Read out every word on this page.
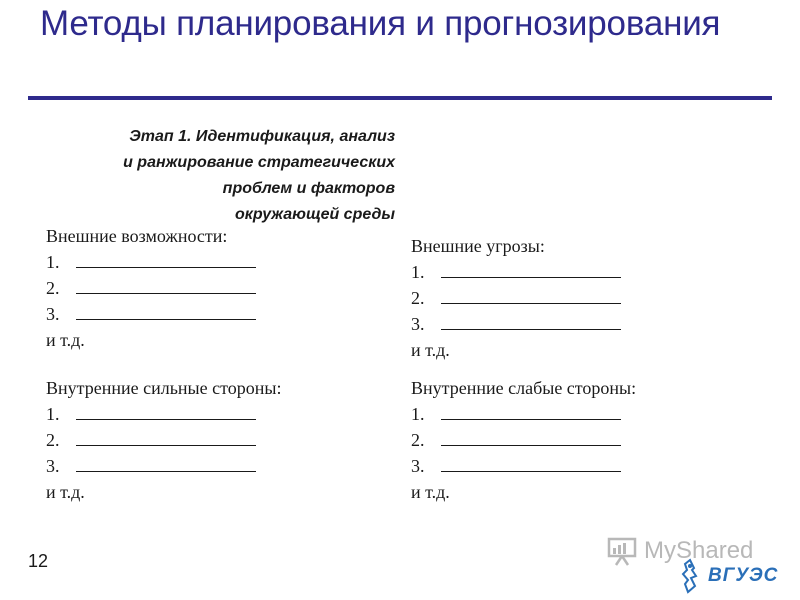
Методы планирования и прогнозирования
Этап 1. Идентификация, анализ
и ранжирование стратегических
проблем и факторов
окружающей среды
Внешние возможности:
1.
2.
3.
и т.д.
Внешние угрозы:
1.
2.
3.
и т.д.
Внутренние сильные стороны:
1.
2.
3.
и т.д.
Внутренние слабые стороны:
1.
2.
3.
и т.д.
12	MyShared
ВГУЭС
